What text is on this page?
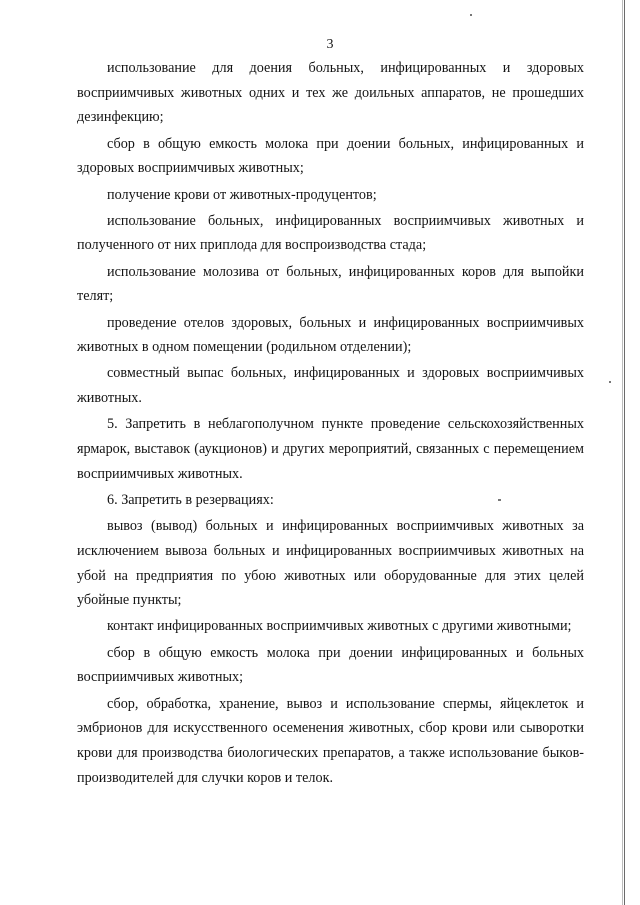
3

использование для доения больных, инфицированных и здоровых восприимчивых животных одних и тех же доильных аппаратов, не прошедших дезинфекцию;

сбор в общую емкость молока при доении больных, инфицированных и здоровых восприимчивых животных;

получение крови от животных-продуцентов;

использование больных, инфицированных восприимчивых животных и полученного от них приплода для воспроизводства стада;

использование молозива от больных, инфицированных коров для выпойки телят;

проведение отелов здоровых, больных и инфицированных восприимчивых животных в одном помещении (родильном отделении);

совместный выпас больных, инфицированных и здоровых восприимчивых животных.

5. Запретить в неблагополучном пункте проведение сельскохозяйственных ярмарок, выставок (аукционов) и других мероприятий, связанных с перемещением восприимчивых животных.

6. Запретить в резервациях:

вывоз (вывод) больных и инфицированных восприимчивых животных за исключением вывоза больных и инфицированных восприимчивых животных на убой на предприятия по убою животных или оборудованные для этих целей убойные пункты;

контакт инфицированных восприимчивых животных с другими животными;

сбор в общую емкость молока при доении инфицированных и больных восприимчивых животных;

сбор, обработка, хранение, вывоз и использование спермы, яйцеклеток и эмбрионов для искусственного осеменения животных, сбор крови или сыворотки крови для производства биологических препаратов, а также использование быков-производителей для случки коров и телок.
